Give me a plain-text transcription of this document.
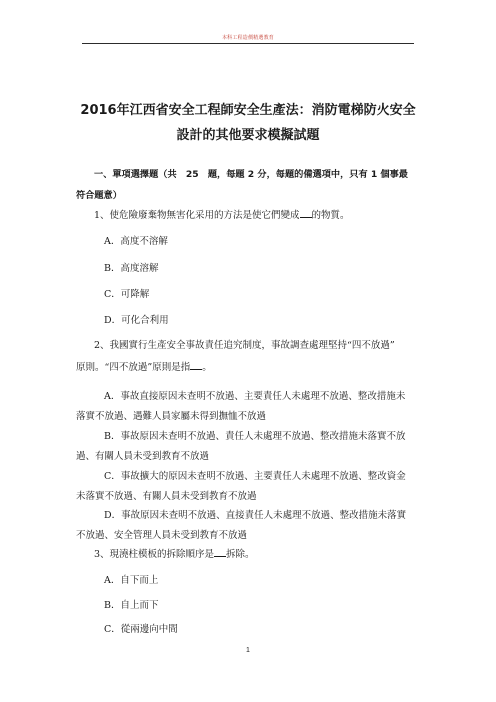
本科工程造價精選教育
2016年江西省安全工程師安全生產法：消防電梯防火安全
設計的其他要求模擬試題
一、單項選擇題（共　25　題，每題 2 分，每題的備選項中，只有 1 個事最
符合題意）
1、使危險廢棄物無害化采用的方法是使它們變成 的物質。
A．高度不溶解
B．高度溶解
C．可降解
D．可化合利用
2、我國實行生產安全事故責任追究制度，事故調查處理堅持“四不放過”
原則。“四不放過”原則是指 。
A．事故直接原因未查明不放過、主要責任人未處理不放過、整改措施未
落實不放過、遇難人員家屬未得到撫恤不放過
B．事故原因未查明不放過、責任人未處理不放過、整改措施未落實不放
過、有關人員未受到教育不放過
C．事故擴大的原因未查明不放過、主要責任人未處理不放過、整改資金
未落實不放過、有關人員未受到教育不放過
D．事故原因未查明不放過、直接責任人未處理不放過、整改措施未落實
不放過、安全管理人員未受到教育不放過
3、現澆柱模板的拆除順序是 拆除。
A．自下而上
B．自上而下
C．從兩邊向中間
1
